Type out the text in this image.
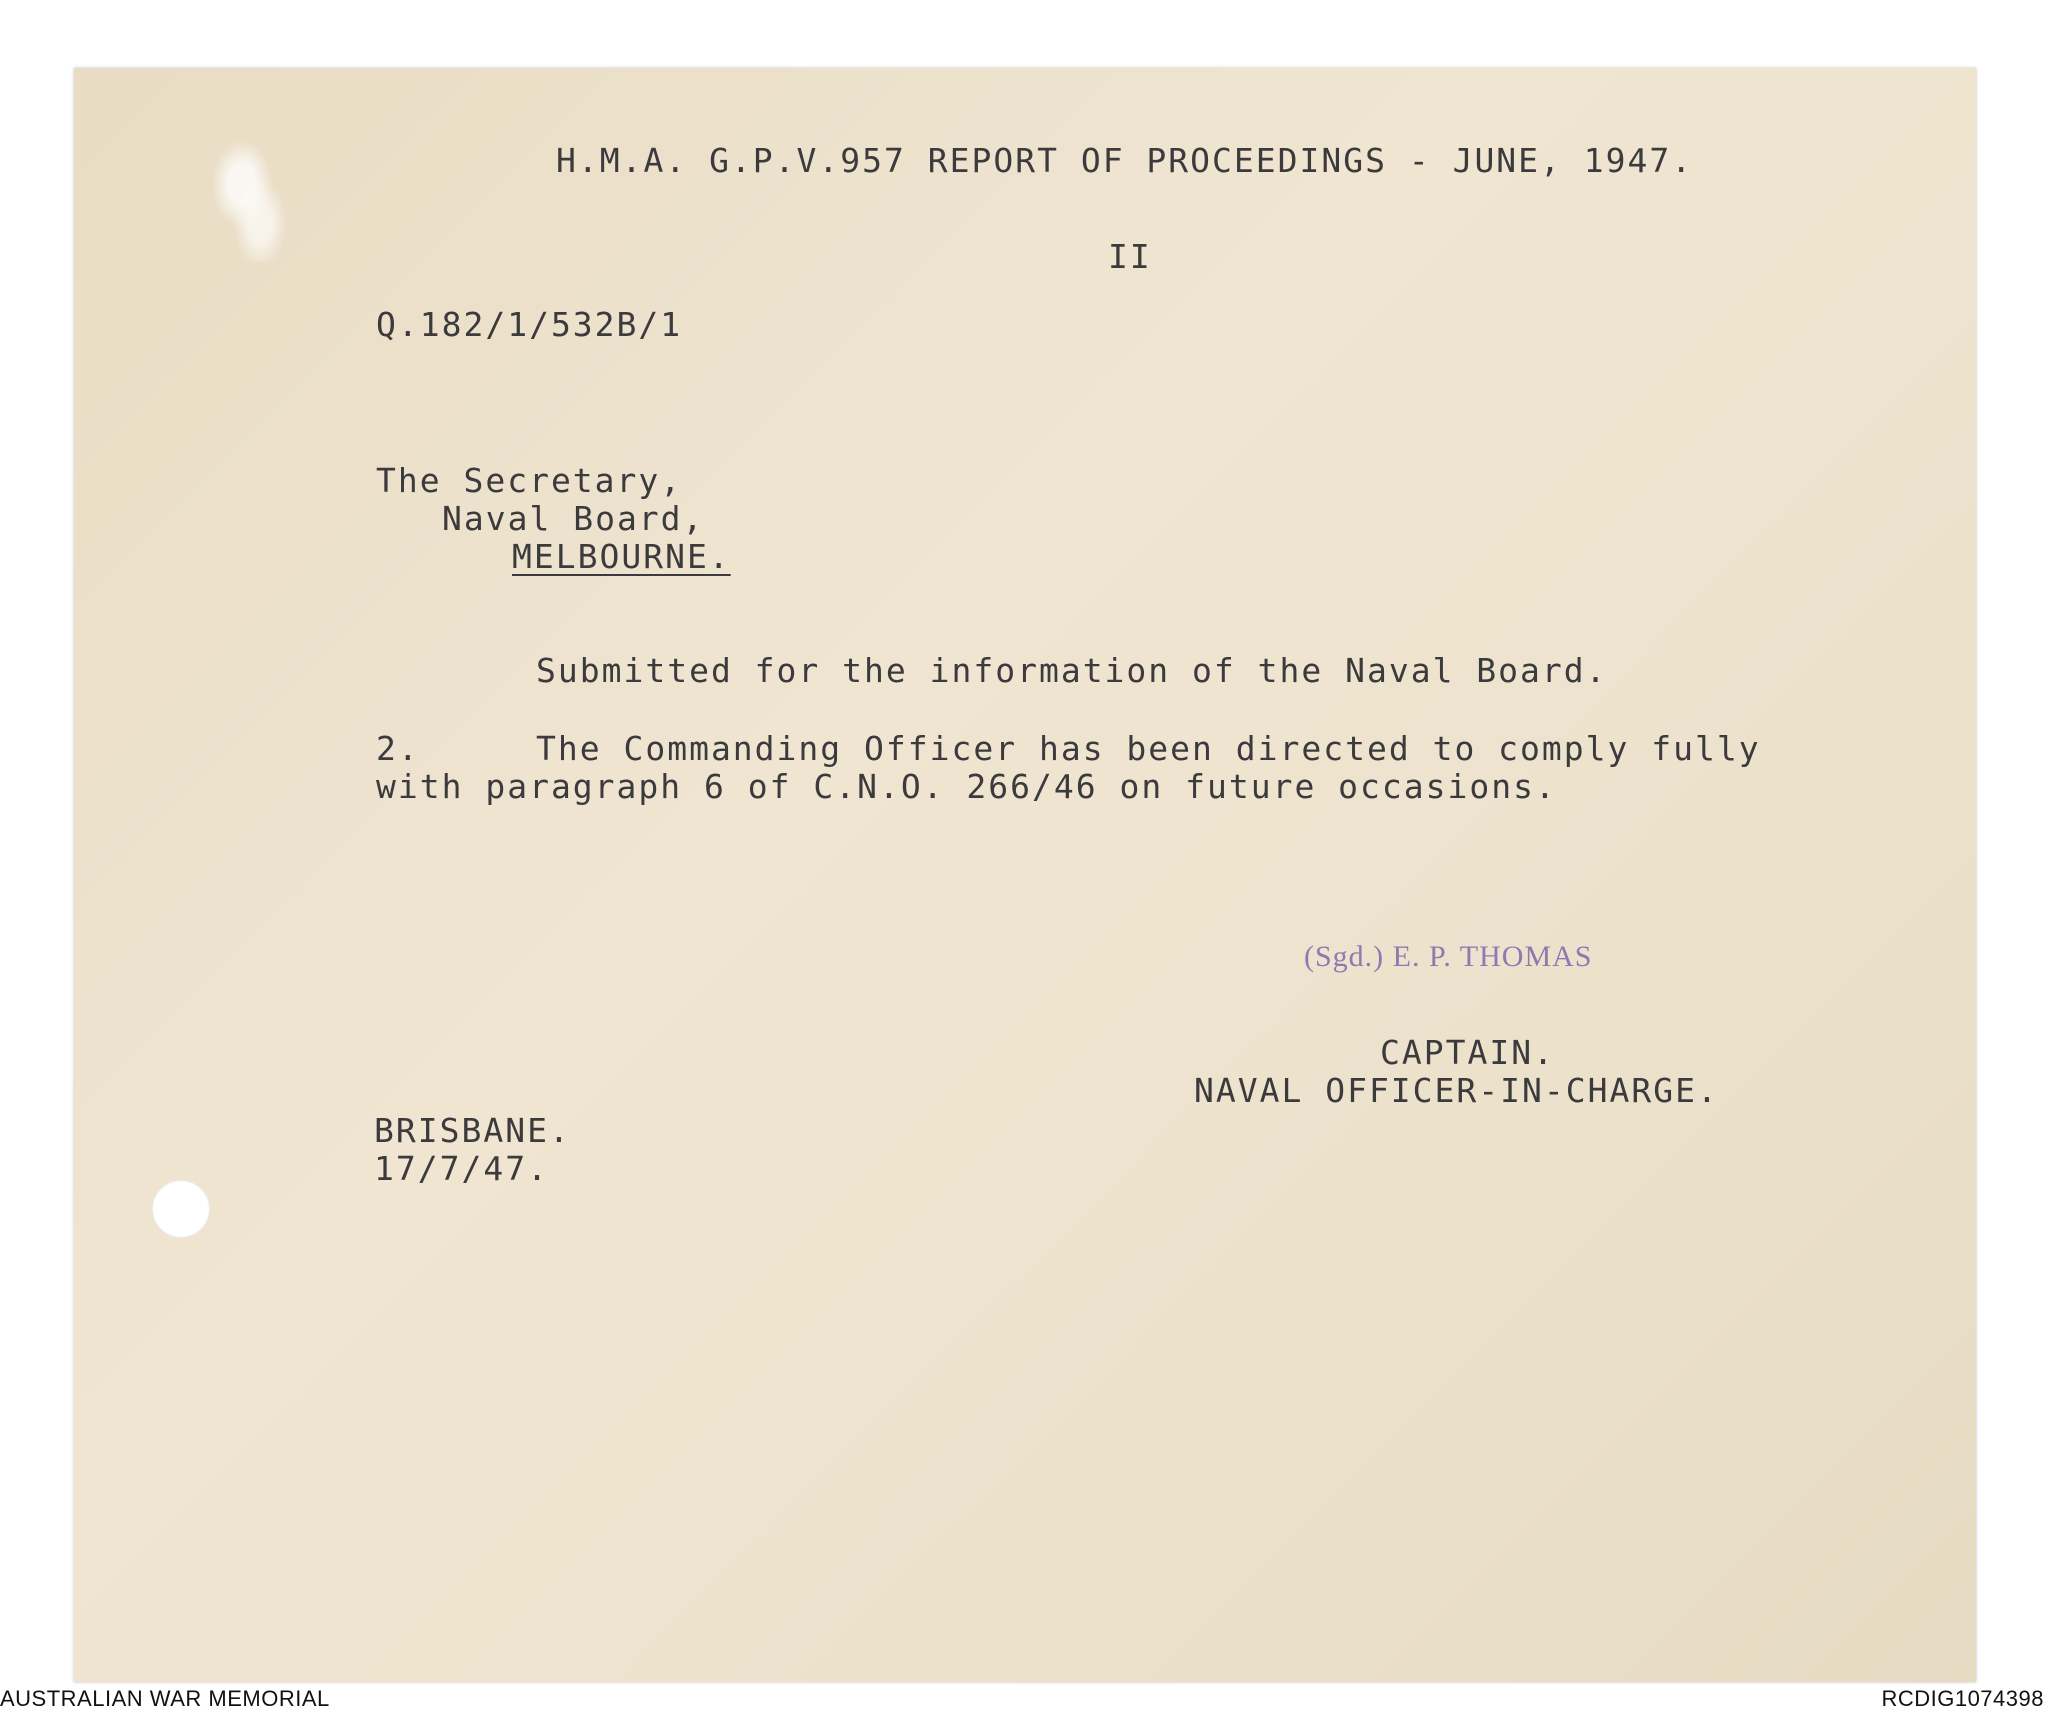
H.M.A. G.P.V.957 REPORT OF PROCEEDINGS - JUNE, 1947.
II
Q.182/1/532B/1
The Secretary,
Naval Board,
MELBOURNE.
Submitted for the information of the Naval Board.
2.	The Commanding Officer has been directed to comply fully
with paragraph 6 of C.N.O. 266/46 on future occasions.
(Sgd.) E. P. THOMAS
CAPTAIN.
NAVAL OFFICER-IN-CHARGE.
BRISBANE.
17/7/47.
AUSTRALIAN WAR MEMORIAL	RCDIG1074398
